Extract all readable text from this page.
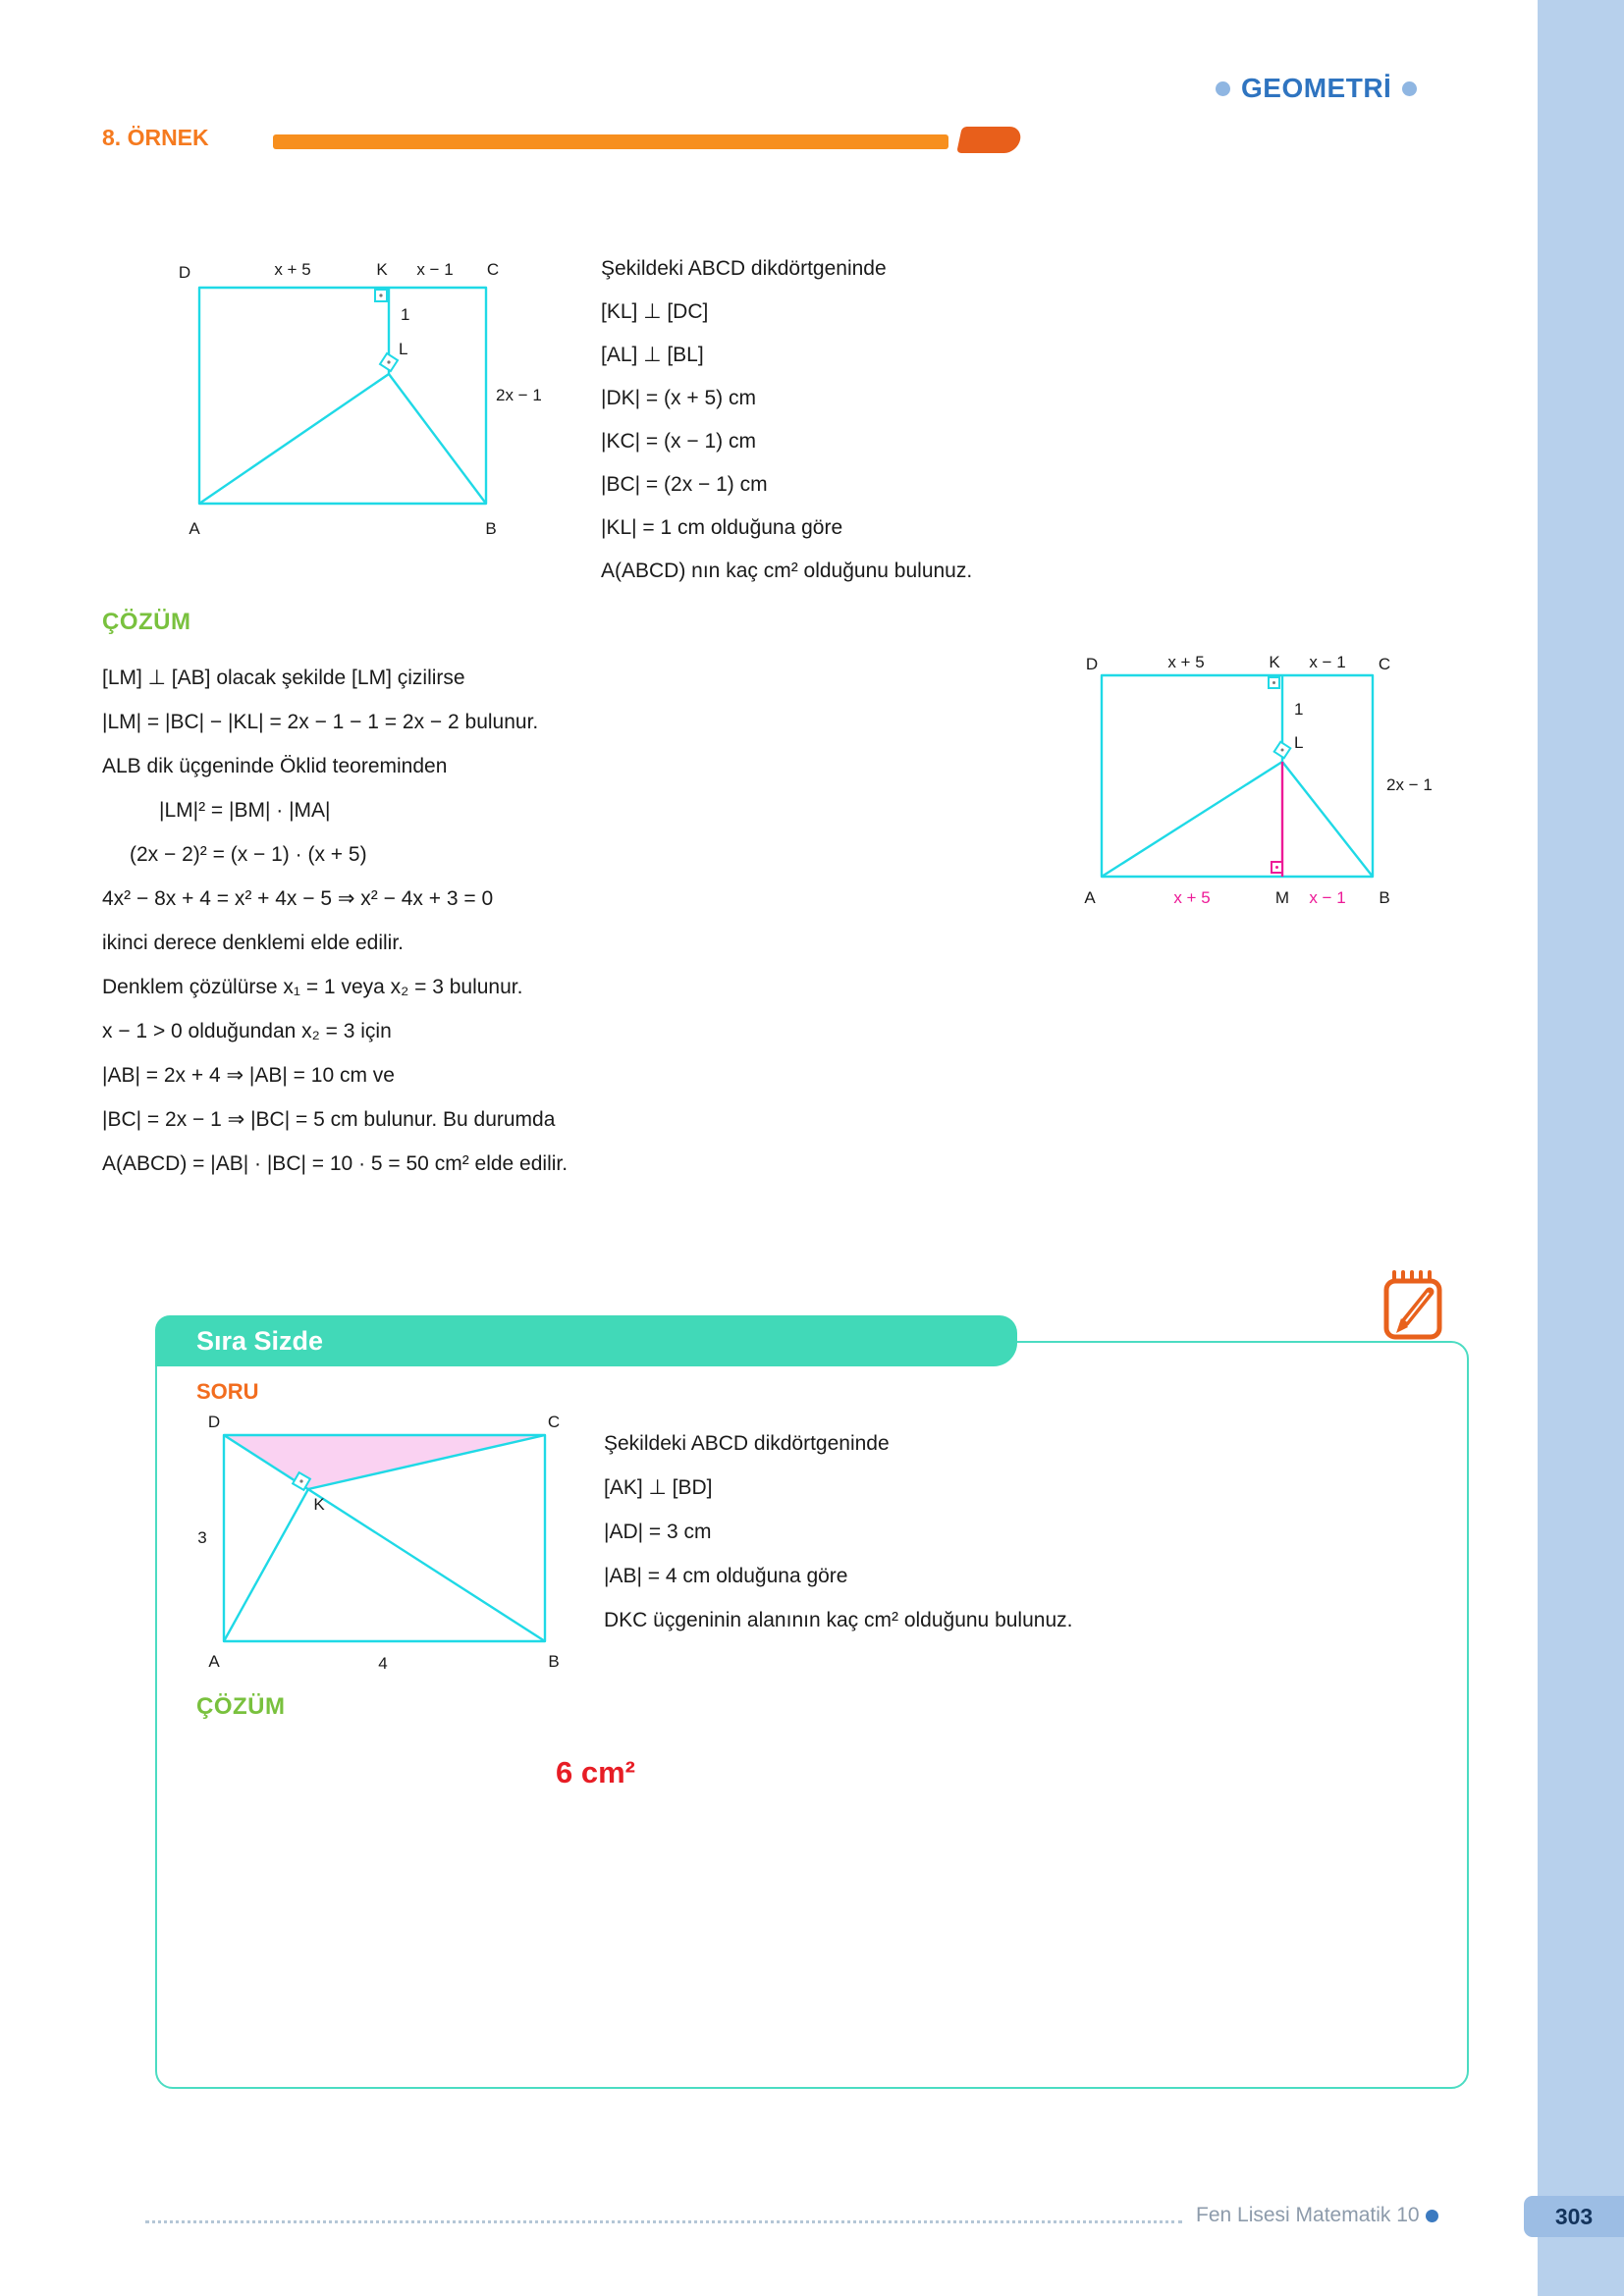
GEOMETRİ
8. ÖRNEK
D	x + 5	K x − 1 C
1
L
2x − 1
A	B
Şekildeki ABCD dikdörtgeninde
[KL] ⊥ [DC]
[AL] ⊥ [BL]
|DK| = (x + 5) cm
|KC| = (x − 1) cm
|BC| = (2x − 1) cm
|KL| = 1 cm olduğuna göre
A(ABCD) nın kaç cm² olduğunu bulunuz.
ÇÖZÜM
[LM] ⊥ [AB] olacak şekilde [LM] çizilirse
|LM| = |BC| − |KL| = 2x − 1 − 1 = 2x − 2 bulunur.
ALB dik üçgeninde Öklid teoreminden
|LM|² = |BM| · |MA|
(2x − 2)² = (x − 1) · (x + 5)
4x² − 8x + 4 = x² + 4x − 5 ⇒ x² − 4x + 3 = 0
ikinci derece denklemi elde edilir.
Denklem çözülürse x₁ = 1 veya x₂ = 3 bulunur.
x − 1 > 0 olduğundan x₂ = 3 için
|AB| = 2x + 4 ⇒ |AB| = 10 cm ve
|BC| = 2x − 1 ⇒ |BC| = 5 cm bulunur. Bu durumda
A(ABCD) = |AB| · |BC| = 10 · 5 = 50 cm² elde edilir.
D	x + 5	K x − 1 C
1
L
2x − 1
A	x + 5	M x − 1 B
Sıra Sizde
SORU
D	C
3
K
A	4	B
Şekildeki ABCD dikdörtgeninde
[AK] ⊥ [BD]
|AD| = 3 cm
|AB| = 4 cm olduğuna göre
DKC üçgeninin alanının kaç cm² olduğunu bulunuz.
ÇÖZÜM
6 cm²
Fen Lisesi Matematik 10	303
